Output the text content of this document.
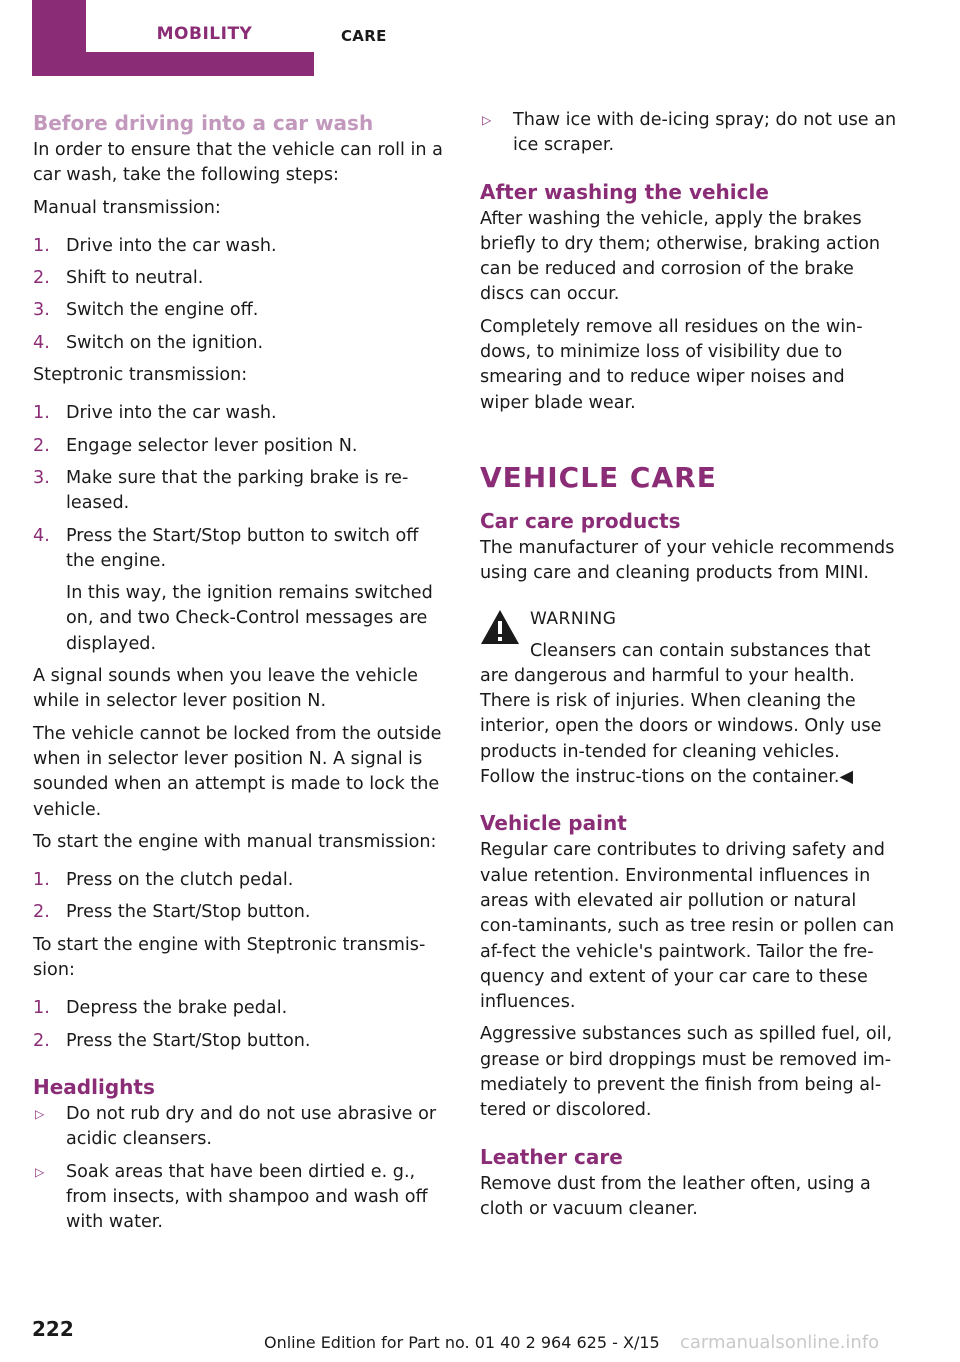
MOBILITY	CARE
Before driving into a car wash

In order to ensure that the vehicle can roll in a car wash, take the following steps:

Manual transmission:

1. Drive into the car wash.
2. Shift to neutral.
3. Switch the engine off.
4. Switch on the ignition.

Steptronic transmission:

1. Drive into the car wash.
2. Engage selector lever position N.
3. Make sure that the parking brake is re-leased.
4. Press the Start/Stop button to switch off the engine.
In this way, the ignition remains switched on, and two Check-Control messages are displayed.

A signal sounds when you leave the vehicle while in selector lever position N.

The vehicle cannot be locked from the outside when in selector lever position N. A signal is sounded when an attempt is made to lock the vehicle.

To start the engine with manual transmission:

1. Press on the clutch pedal.
2. Press the Start/Stop button.

To start the engine with Steptronic transmis-sion:

1. Depress the brake pedal.
2. Press the Start/Stop button.
Headlights
▷ Do not rub dry and do not use abrasive or acidic cleansers.
▷ Soak areas that have been dirtied e. g., from insects, with shampoo and wash off with water.
▷ Thaw ice with de-icing spray; do not use an ice scraper.
After washing the vehicle

After washing the vehicle, apply the brakes briefly to dry them; otherwise, braking action can be reduced and corrosion of the brake discs can occur.

Completely remove all residues on the win-dows, to minimize loss of visibility due to smearing and to reduce wiper noises and wiper blade wear.

VEHICLE CARE
Car care products

The manufacturer of your vehicle recommends using care and cleaning products from MINI.

WARNING
Cleansers can contain substances that are dangerous and harmful to your health. There is risk of injuries. When cleaning the interior, open the doors or windows. Only use products in-tended for cleaning vehicles. Follow the instruc-tions on the container.◀
Vehicle paint

Regular care contributes to driving safety and value retention. Environmental influences in areas with elevated air pollution or natural con-taminants, such as tree resin or pollen can af-fect the vehicle's paintwork. Tailor the fre-quency and extent of your car care to these influences.

Aggressive substances such as spilled fuel, oil, grease or bird droppings must be removed im-mediately to prevent the finish from being al-tered or discolored.

Leather care

Remove dust from the leather often, using a cloth or vacuum cleaner.

222
Online Edition for Part no. 01 40 2 964 625 - X/15 carmanualsonline.info
